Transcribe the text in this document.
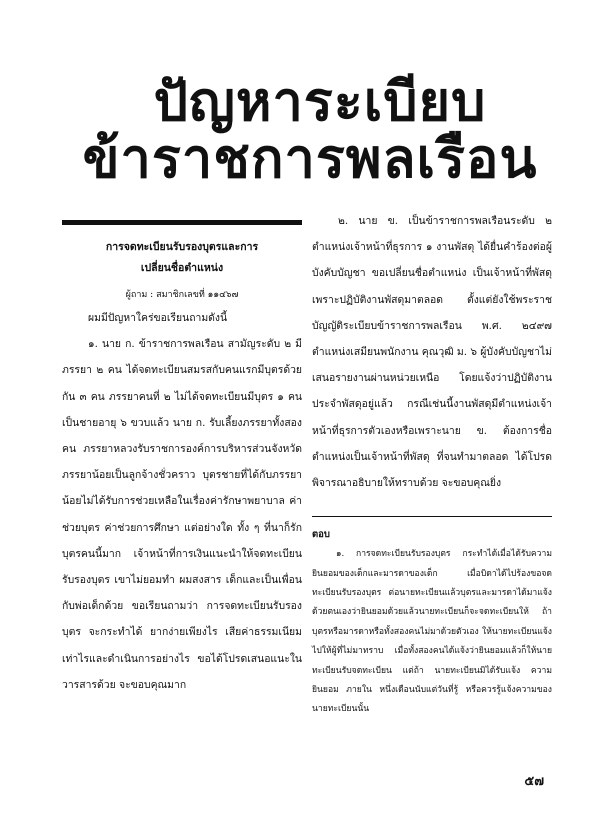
ปัญหาระเบียบ
ข้าราชการพลเรือน
การจดทะเบียนรับรองบุตรและการ
เปลี่ยนชื่อตำแหน่ง
ผู้ถาม : สมาชิกเลขที่ ๑๑๔๖๗

ผมมีปัญหาใคร่ขอเรียนถามดังนี้

๑. นาย ก. ข้าราชการพลเรือน สามัญระดับ ๒ มีภรรยา ๒ คน ได้จดทะเบียนสมรสกับคนแรกมีบุตรด้วยกัน ๓ คน ภรรยาคนที่ ๒ ไม่ได้จดทะเบียนมีบุตร ๑ คน เป็นชายอายุ ๖ ขวบแล้ว นาย ก. รับเลี้ยงภรรยาทั้งสองคน ภรรยาหลวงรับราชการองค์การบริหารส่วนจังหวัด ภรรยาน้อยเป็นลูกจ้างชั่วคราว บุตรชายที่ได้กับภรรยาน้อยไม่ได้รับการช่วยเหลือในเรื่องค่ารักษาพยาบาล ค่าช่วยบุตร ค่าช่วยการศึกษา แต่อย่างใด ทั้ง ๆ ที่นาก็รักบุตรคนนี้มาก เจ้าหน้าที่การเงินแนะนำให้จดทะเบียนรับรองบุตร เขาไม่ยอมทำ ผมสงสาร เด็กและเป็นเพื่อนกับพ่อเด็กด้วย ขอเรียนถามว่า การจดทะเบียนรับรองบุตร จะกระทำได้ ยากง่ายเพียงไร เสียค่าธรรมเนียมเท่าไรและดำเนินการอย่างไร ขอได้โปรดเสนอแนะในวารสารด้วย จะขอบคุณมาก

๒. นาย ข. เป็นข้าราชการพลเรือนระดับ ๒ ตำแหน่งเจ้าหน้าที่ธุรการ ๑ งานพัสดุ ได้ยื่นคำร้องต่อผู้บังคับบัญชา ขอเปลี่ยนชื่อตำแหน่ง เป็นเจ้าหน้าที่พัสดุ เพราะปฏิบัติงานพัสดุมาตลอด ตั้งแต่ยังใช้พระราชบัญญัติระเบียบข้าราชการพลเรือน พ.ศ. ๒๔๙๗ ตำแหน่งเสมียนพนักงาน คุณวุฒิ ม. ๖ ผู้บังคับบัญชาไม่เสนอรายงานผ่านหน่วยเหนือ โดยแจ้งว่าปฏิบัติงานประจำพัสดุอยู่แล้ว กรณีเช่นนี้งานพัสดุมีตำแหน่งเจ้าหน้าที่ธุรการตัวเองหรือเพราะนาย ข. ต้องการชื่อตำแหน่งเป็นเจ้าหน้าที่พัสดุ ที่จนทำมาตลอด ได้โปรดพิจารณาอธิบายให้ทราบด้วย จะขอบคุณยิ่ง

ตอบ

๑. การจดทะเบียนรับรองบุตร กระทำได้เมื่อได้รับความยินยอมของเด็กและมารดาของเด็ก เมื่อบิดาได้ไปร้องขอจดทะเบียนรับรองบุตร ต่อนายทะเบียนแล้วบุตรและมารดาได้มาแจ้งด้วยตนเองว่ายินยอมด้วยแล้วนายทะเบียนก็จะจดทะเบียนให้ ถ้าบุตรหรือมารดาหรือทั้งสองคนไม่มาด้วยตัวเอง ให้นายทะเบียนแจ้งไปให้ผู้ที่ไม่มาทราบ เมื่อทั้งสองคนได้แจ้งว่ายินยอมแล้วก็ให้นายทะเบียนรับจดทะเบียน แต่ถ้า นายทะเบียนมิได้รับแจ้ง ความยินยอม ภายใน หนึ่งเดือนนับแต่วันที่รู้ หรือควรรู้แจ้งความของนายทะเบียนนั้น

๕๗
